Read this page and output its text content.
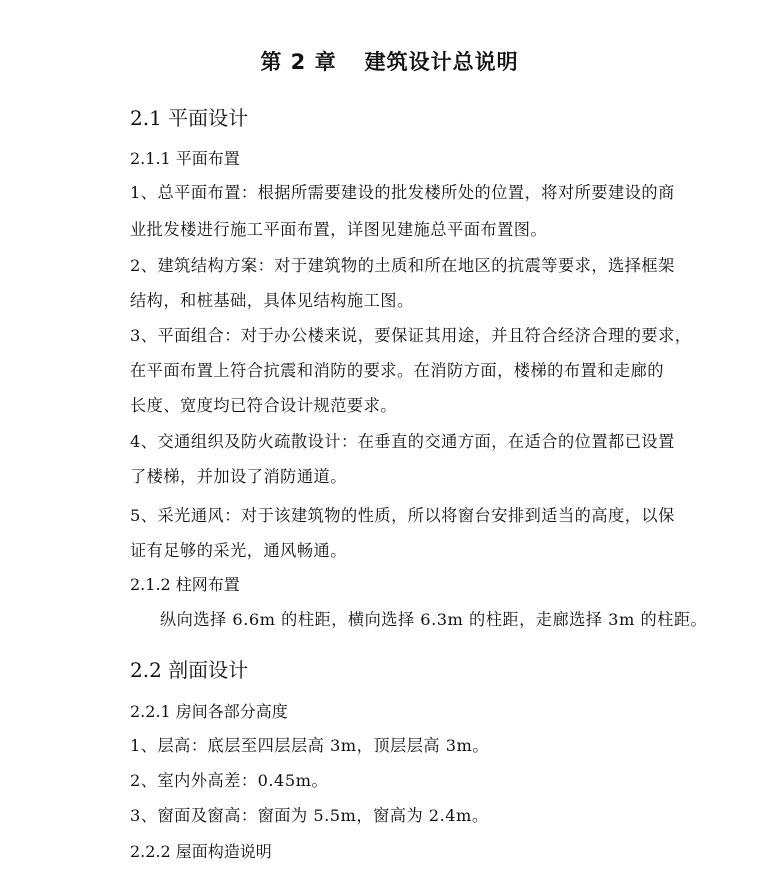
第 2 章 建筑设计总说明
2.1 平面设计
2.1.1 平面布置
1、总平面布置：根据所需要建设的批发楼所处的位置，将对所要建设的商
业批发楼进行施工平面布置，详图见建施总平面布置图。
2、建筑结构方案：对于建筑物的土质和所在地区的抗震等要求，选择框架
结构，和桩基础，具体见结构施工图。
3、平面组合：对于办公楼来说，要保证其用途，并且符合经济合理的要求，
在平面布置上符合抗震和消防的要求。在消防方面，楼梯的布置和走廊的
长度、宽度均已符合设计规范要求。
4、交通组织及防火疏散设计：在垂直的交通方面，在适合的位置都已设置
了楼梯，并加设了消防通道。
5、采光通风：对于该建筑物的性质，所以将窗台安排到适当的高度，以保
证有足够的采光，通风畅通。
2.1.2 柱网布置
纵向选择 6.6m 的柱距，横向选择 6.3m 的柱距，走廊选择 3m 的柱距。
2.2 剖面设计
2.2.1 房间各部分高度
1、层高：底层至四层层高 3m，顶层层高 3m。
2、室内外高差：0.45m。
3、窗面及窗高：窗面为 5.5m，窗高为 2.4m。
2.2.2 屋面构造说明
